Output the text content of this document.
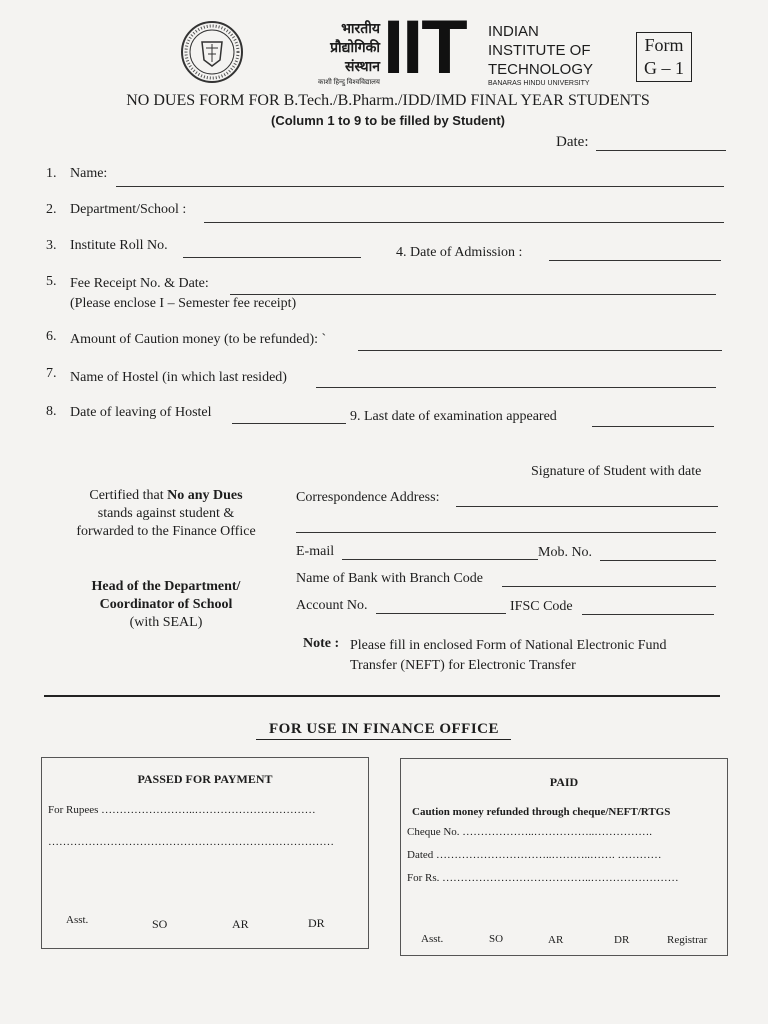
भारतीय
प्रौद्योगिकी
संस्थान
काशी हिन्दु विश्वविद्यालय IIT INDIAN
INSTITUTE OF
TECHNOLOGY
BANARAS HINDU UNIVERSITY
Form
G – 1
NO DUES FORM FOR B.Tech./B.Pharm./IDD/IMD FINAL YEAR STUDENTS
(Column 1 to 9 to be filled by Student)
Date:
1. Name:
2. Department/School :
3. Institute Roll No.	4. Date of Admission :
5. Fee Receipt No. & Date:
(Please enclose I – Semester fee receipt)
6. Amount of Caution money (to be refunded): `
7. Name of Hostel (in which last resided)
8. Date of leaving of Hostel	9. Last date of examination appeared
Signature of Student with date
Certified that No any Dues
stands against student &
forwarded to the Finance Office
Head of the Department/
Coordinator of School
(with SEAL)
Correspondence Address:
E-mail	Mob. No.
Name of Bank with Branch Code
Account No.	IFSC Code
Note : Please fill in enclosed Form of National Electronic Fund
Transfer (NEFT) for Electronic Transfer
FOR USE IN FINANCE OFFICE
PASSED FOR PAYMENT
For Rupees ……………………..……………………………
……………………………………………………………………
Asst.	SO	AR	DR
PAID
Caution money refunded through cheque/NEFT/RTGS
Cheque No. ………………..……………..…………….
Dated …………………………..………..……. …………
For Rs. …………………………………..……………………
Asst.	SO	AR	DR	Registrar
